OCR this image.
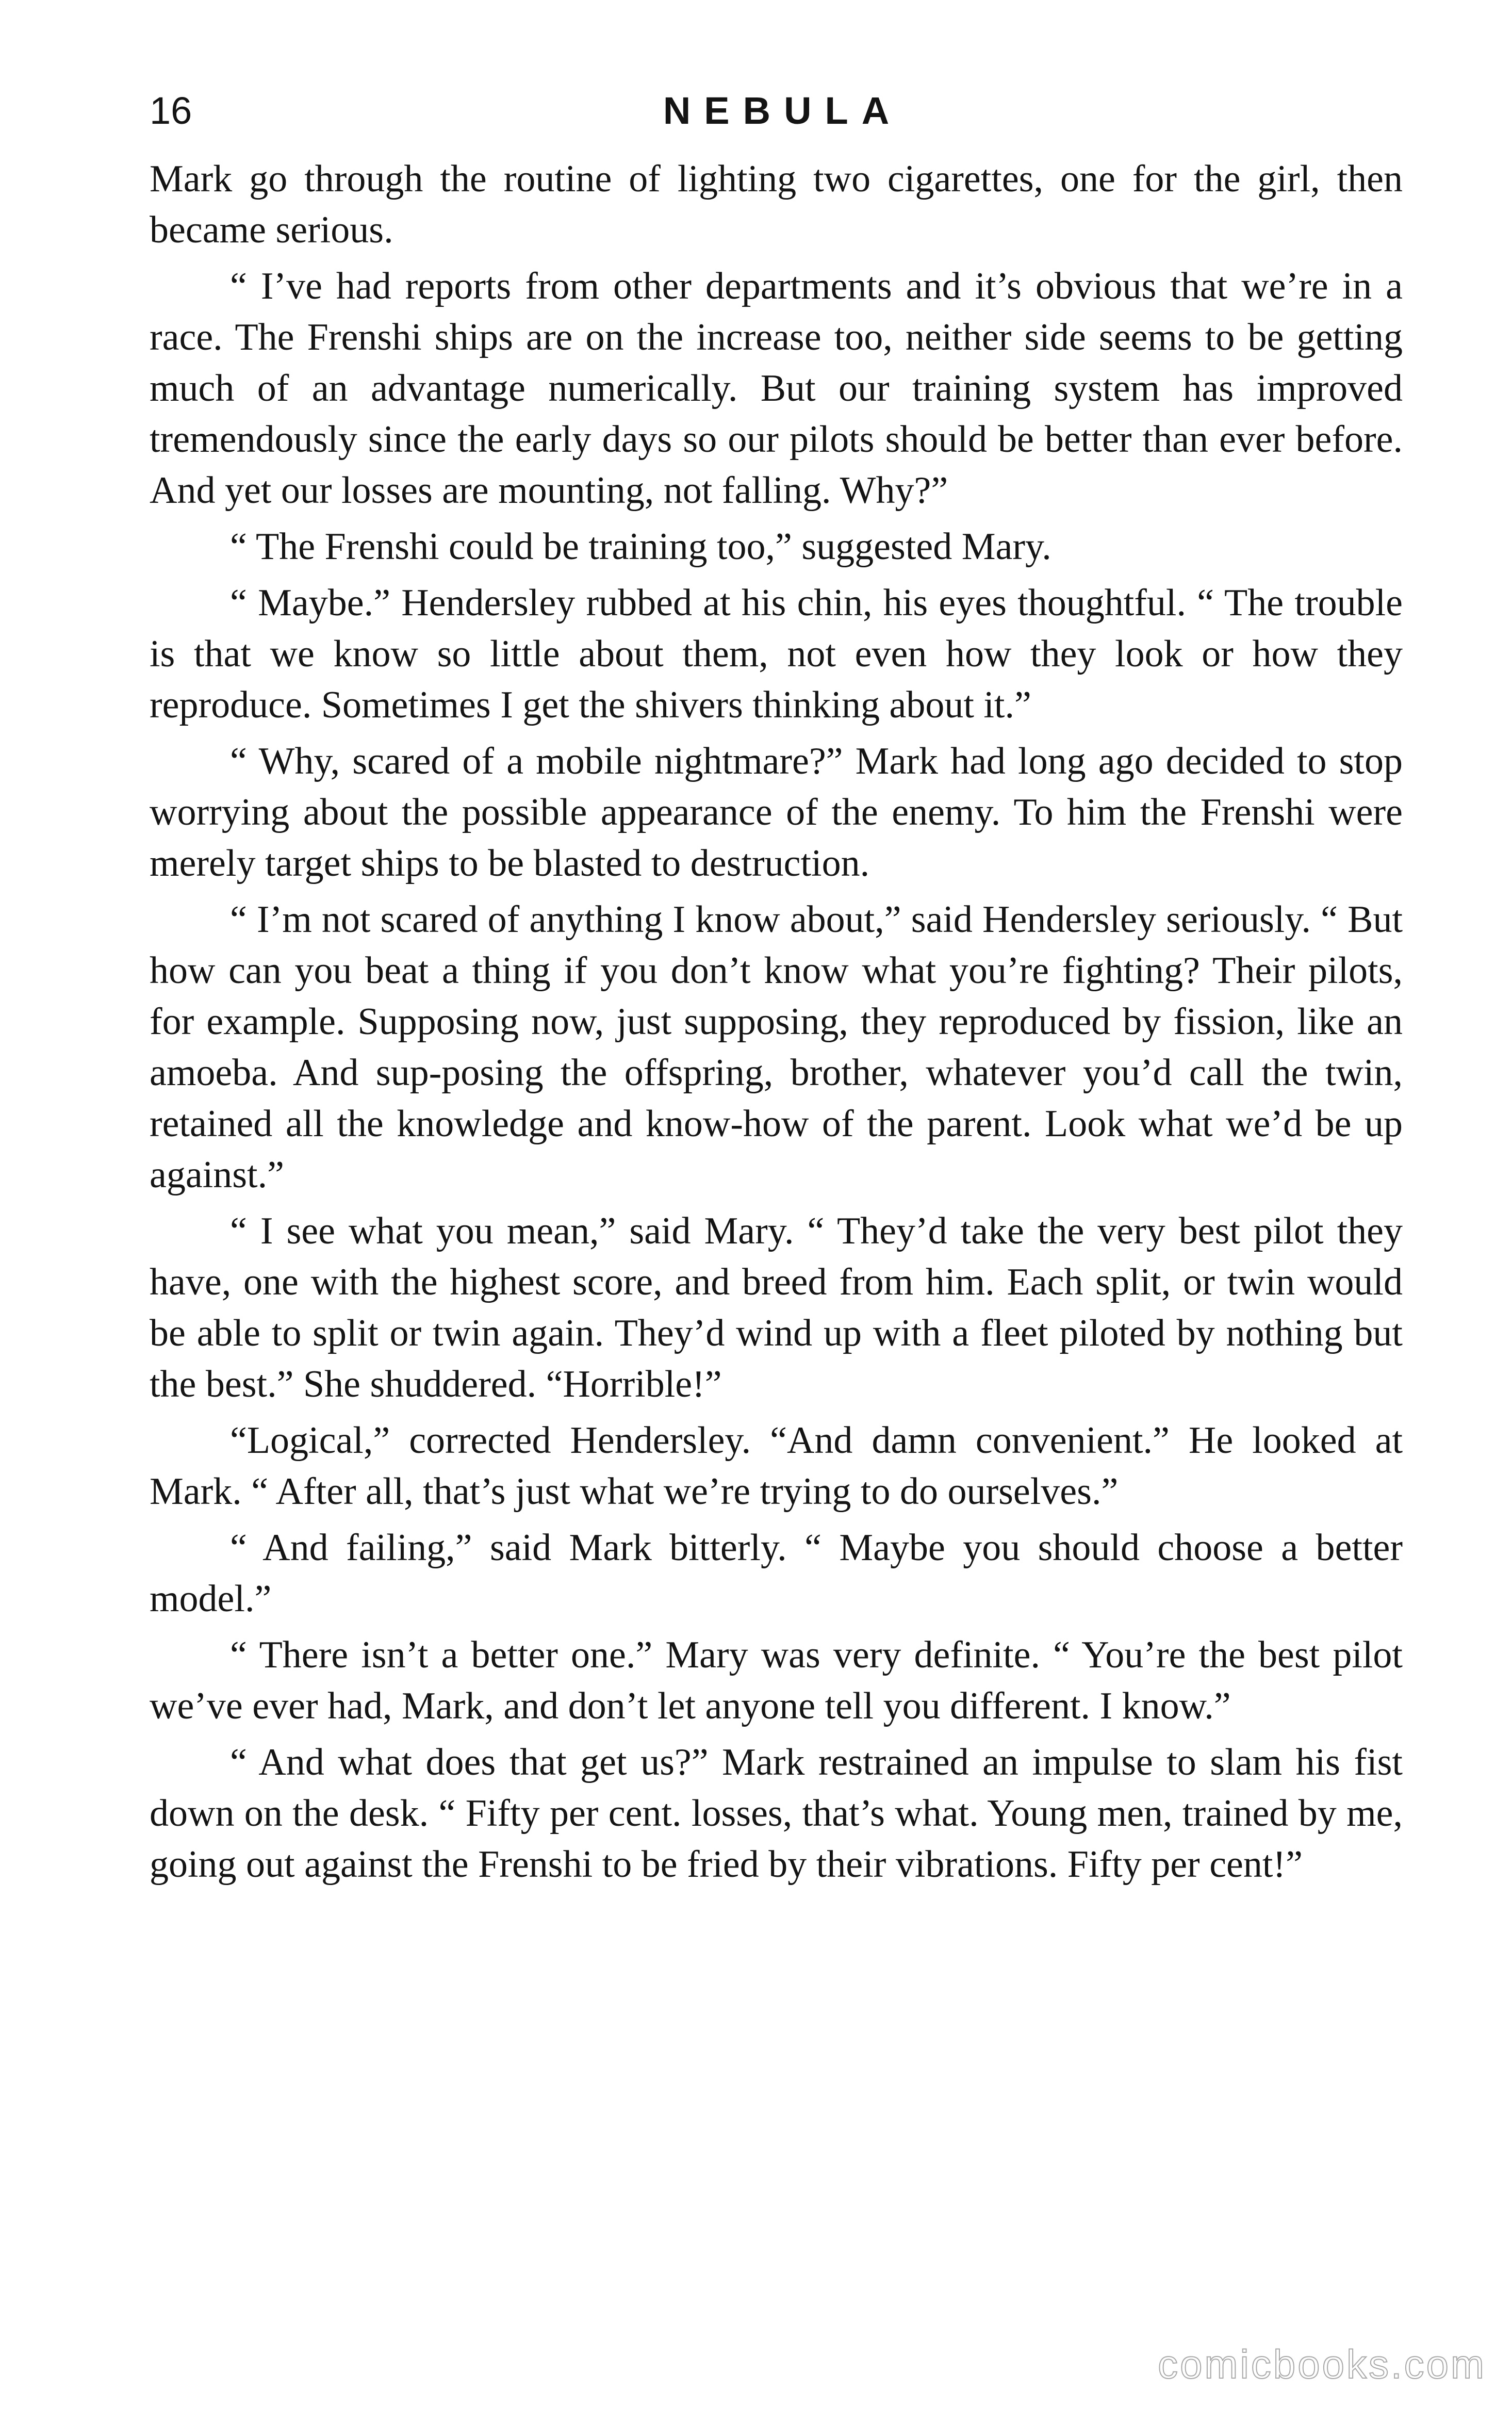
16	NEBULA

Mark go through the routine of lighting two cigarettes, one for the girl, then became serious.

“ I’ve had reports from other departments and it’s obvious that we’re in a race. The Frenshi ships are on the increase too, neither side seems to be getting much of an advantage numerically. But our training system has improved tremendously since the early days so our pilots should be better than ever before. And yet our losses are mounting, not falling. Why?”

“ The Frenshi could be training too,” suggested Mary.

“ Maybe.” Hendersley rubbed at his chin, his eyes thoughtful. “ The trouble is that we know so little about them, not even how they look or how they reproduce. Sometimes I get the shivers thinking about it.”

“ Why, scared of a mobile nightmare?” Mark had long ago decided to stop worrying about the possible appearance of the enemy. To him the Frenshi were merely target ships to be blasted to destruction.

“ I’m not scared of anything I know about,” said Hendersley seriously. “ But how can you beat a thing if you don’t know what you’re fighting? Their pilots, for example. Supposing now, just supposing, they reproduced by fission, like an amoeba. And sup-posing the offspring, brother, whatever you’d call the twin, retained all the knowledge and know-how of the parent. Look what we’d be up against.”

“ I see what you mean,” said Mary. “ They’d take the very best pilot they have, one with the highest score, and breed from him. Each split, or twin would be able to split or twin again. They’d wind up with a fleet piloted by nothing but the best.” She shuddered. “Horrible!”

“Logical,” corrected Hendersley. “And damn convenient.” He looked at Mark. “ After all, that’s just what we’re trying to do ourselves.”

“ And failing,” said Mark bitterly. “ Maybe you should choose a better model.”

“ There isn’t a better one.” Mary was very definite. “ You’re the best pilot we’ve ever had, Mark, and don’t let anyone tell you different. I know.”

“ And what does that get us?” Mark restrained an impulse to slam his fist down on the desk. “ Fifty per cent. losses, that’s what. Young men, trained by me, going out against the Frenshi to be fried by their vibrations. Fifty per cent!”

comicbooks.com
